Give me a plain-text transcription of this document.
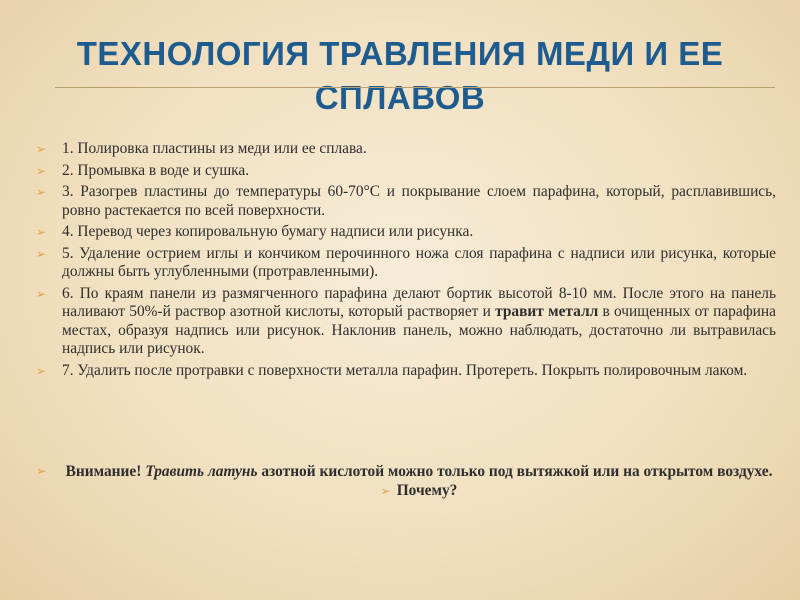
ТЕХНОЛОГИЯ ТРАВЛЕНИЯ МЕДИ И ЕЕ СПЛАВОВ
➢ 1. Полировка пластины из меди или ее сплава.
➢ 2. Промывка в воде и сушка.
➢ 3. Разогрев пластины до температуры 60-70°С и покрывание слоем парафина, который, расплавившись, ровно растекается по всей поверхности.
➢ 4. Перевод через копировальную бумагу надписи или рисунка.
➢ 5. Удаление острием иглы и кончиком перочинного ножа слоя парафина с надписи или рисунка, которые должны быть углубленными (протравленными).
➢ 6. По краям панели из размягченного парафина делают бортик высотой 8-10 мм. После этого на панель наливают 50%-й раствор азотной кислоты, который растворяет и травит металл в очищенных от парафина местах, образуя надпись или рисунок. Наклонив панель, можно наблюдать, достаточно ли вытравилась надпись или рисунок.
➢ 7. Удалить после протравки с поверхности металла парафин. Протереть. Покрыть полировочным лаком.
➢ Внимание! Травить латунь азотной кислотой можно только под вытяжкой или на открытом воздухе.
➢ Почему?
